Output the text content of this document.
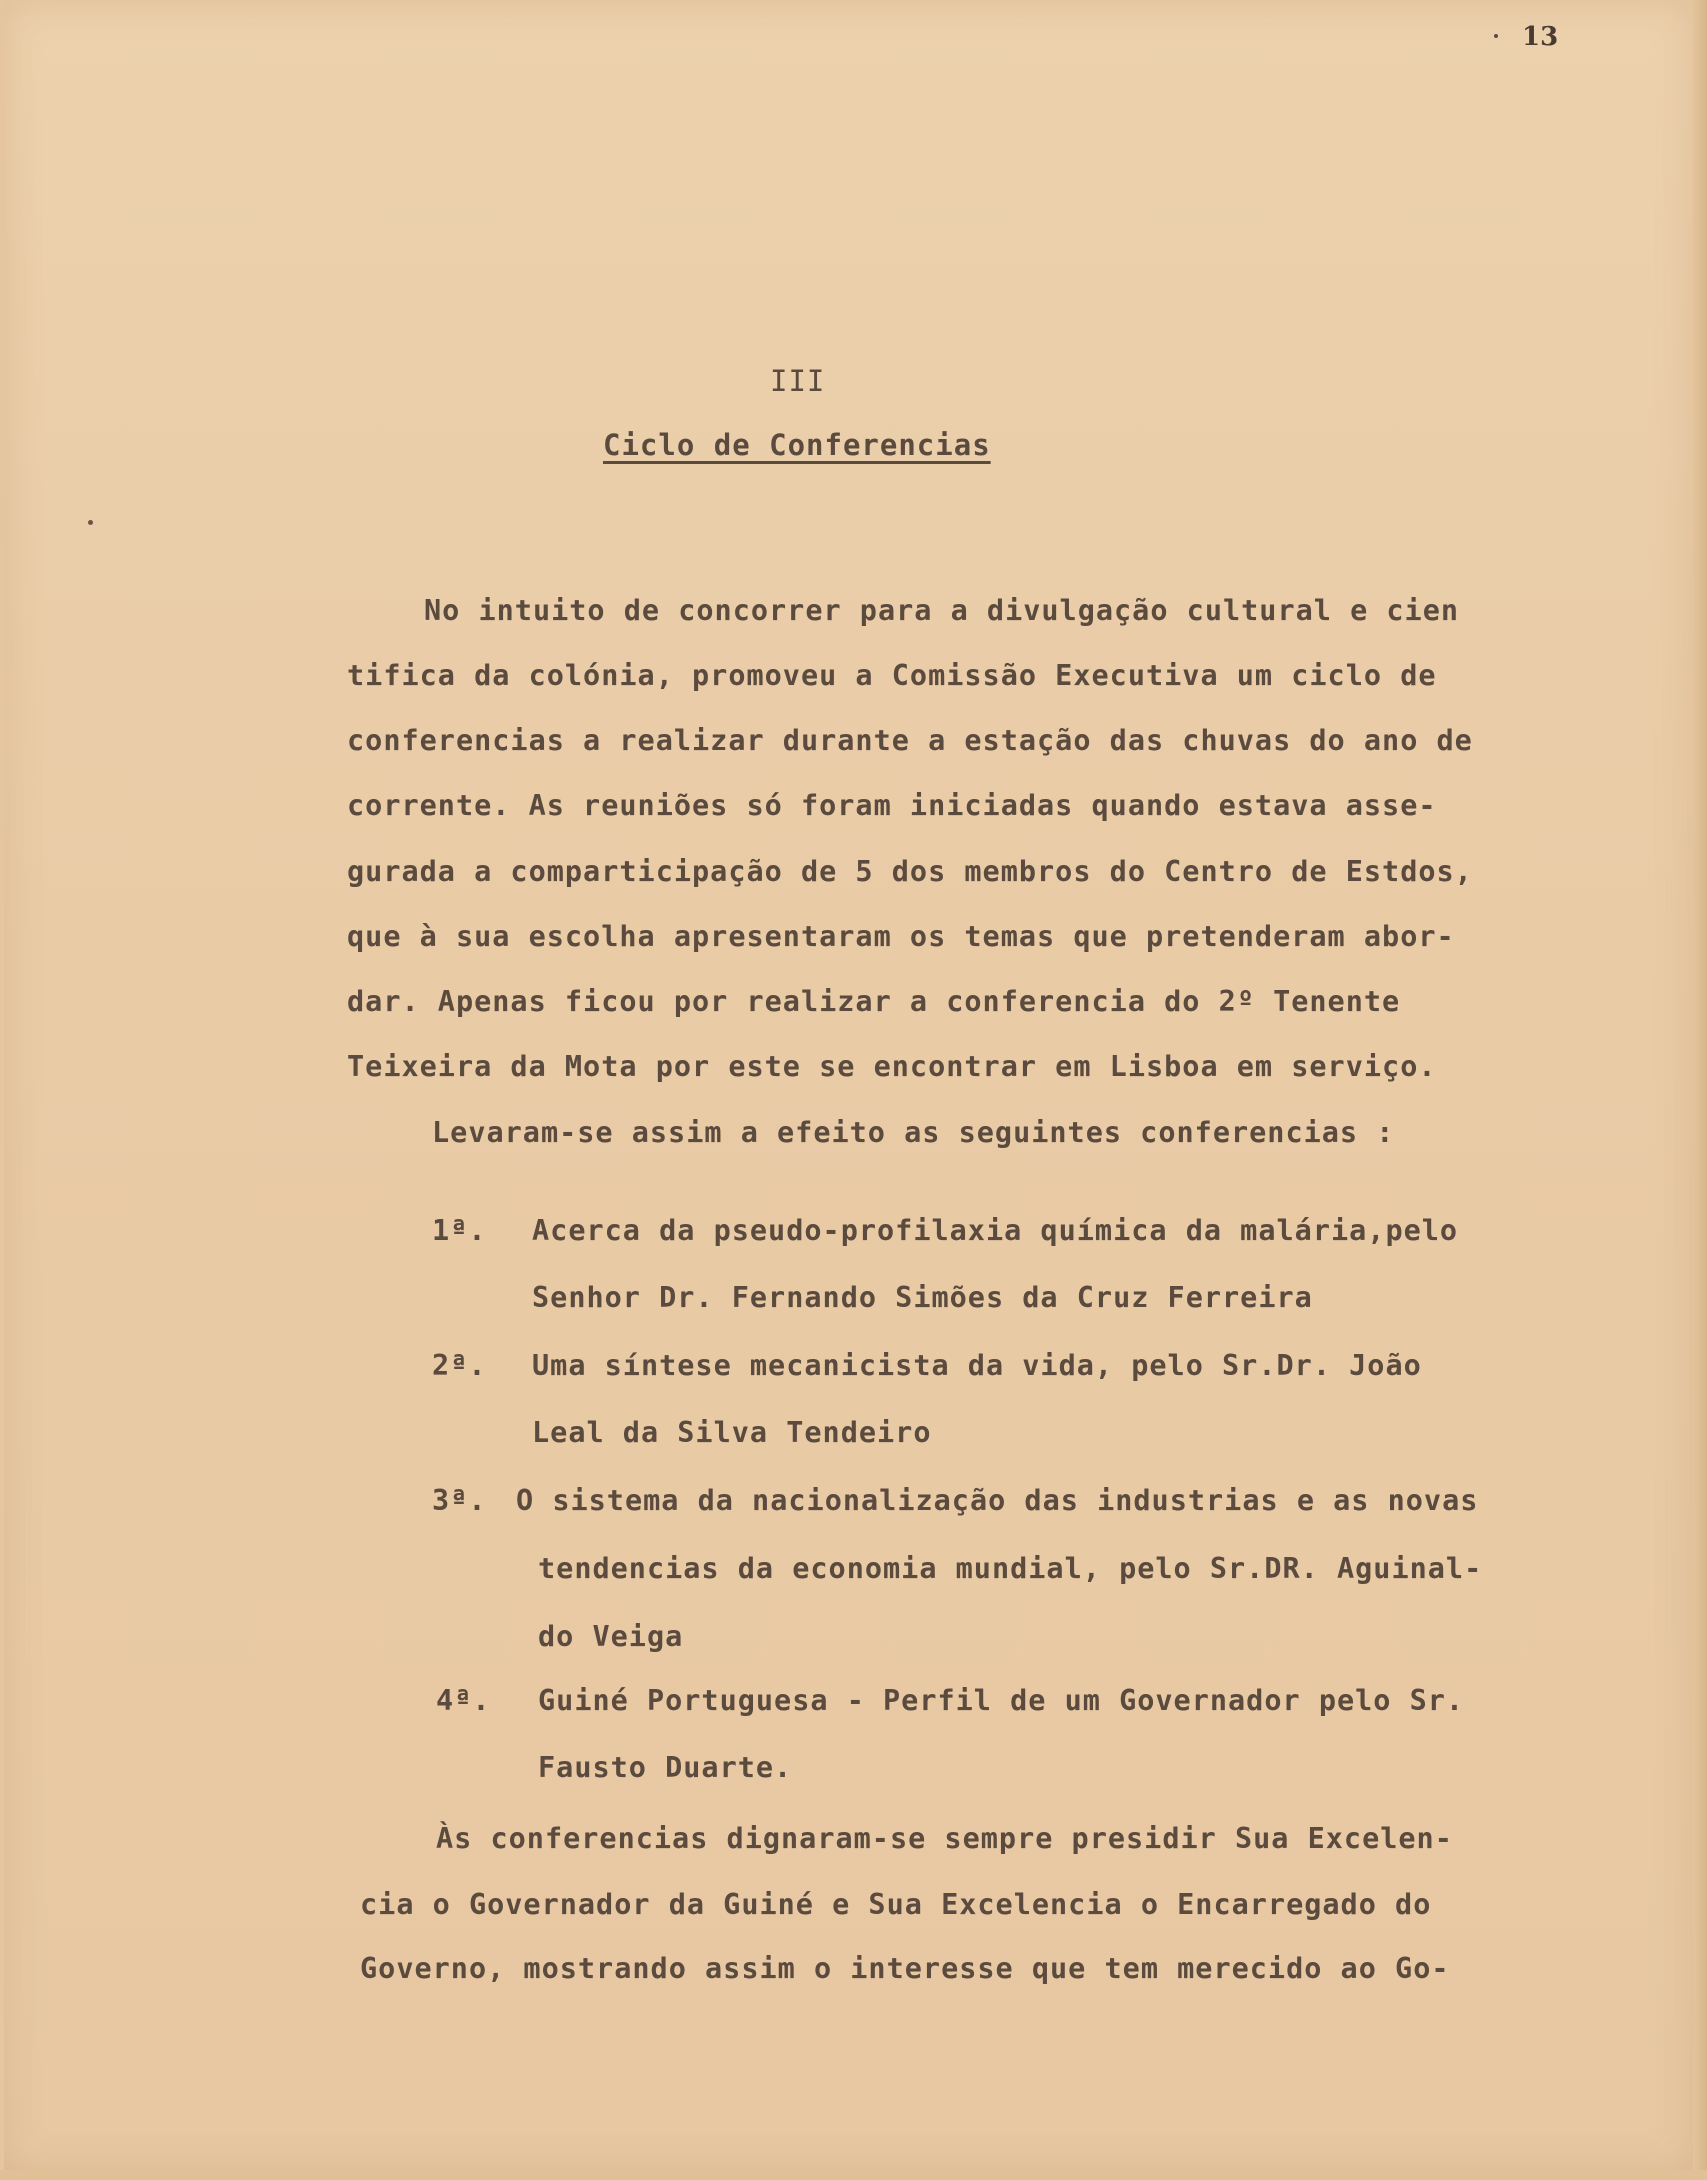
13
III
Ciclo de Conferencias
No intuito de concorrer para a divulgação cultural e cien
tifica da colónia, promoveu a Comissão Executiva um ciclo de
conferencias a realizar durante a estação das chuvas do ano de
corrente. As reuniões só foram iniciadas quando estava asse-
gurada a comparticipação de 5 dos membros do Centro de Estdos,
que à sua escolha apresentaram os temas que pretenderam abor-
dar. Apenas ficou por realizar a conferencia do 2º Tenente
Teixeira da Mota por este se encontrar em Lisboa em serviço.
Levaram-se assim a efeito as seguintes conferencias :
1ª. Acerca da pseudo-profilaxia química da malária,pelo
Senhor Dr. Fernando Simões da Cruz Ferreira
2ª. Uma síntese mecanicista da vida, pelo Sr.Dr. João
Leal da Silva Tendeiro
3ª. O sistema da nacionalização das industrias e as novas
tendencias da economia mundial, pelo Sr.DR. Aguinal-
do Veiga
4ª. Guiné Portuguesa - Perfil de um Governador pelo Sr.
Fausto Duarte.
Às conferencias dignaram-se sempre presidir Sua Excelen-
cia o Governador da Guiné e Sua Excelencia o Encarregado do
Governo, mostrando assim o interesse que tem merecido ao Go-
